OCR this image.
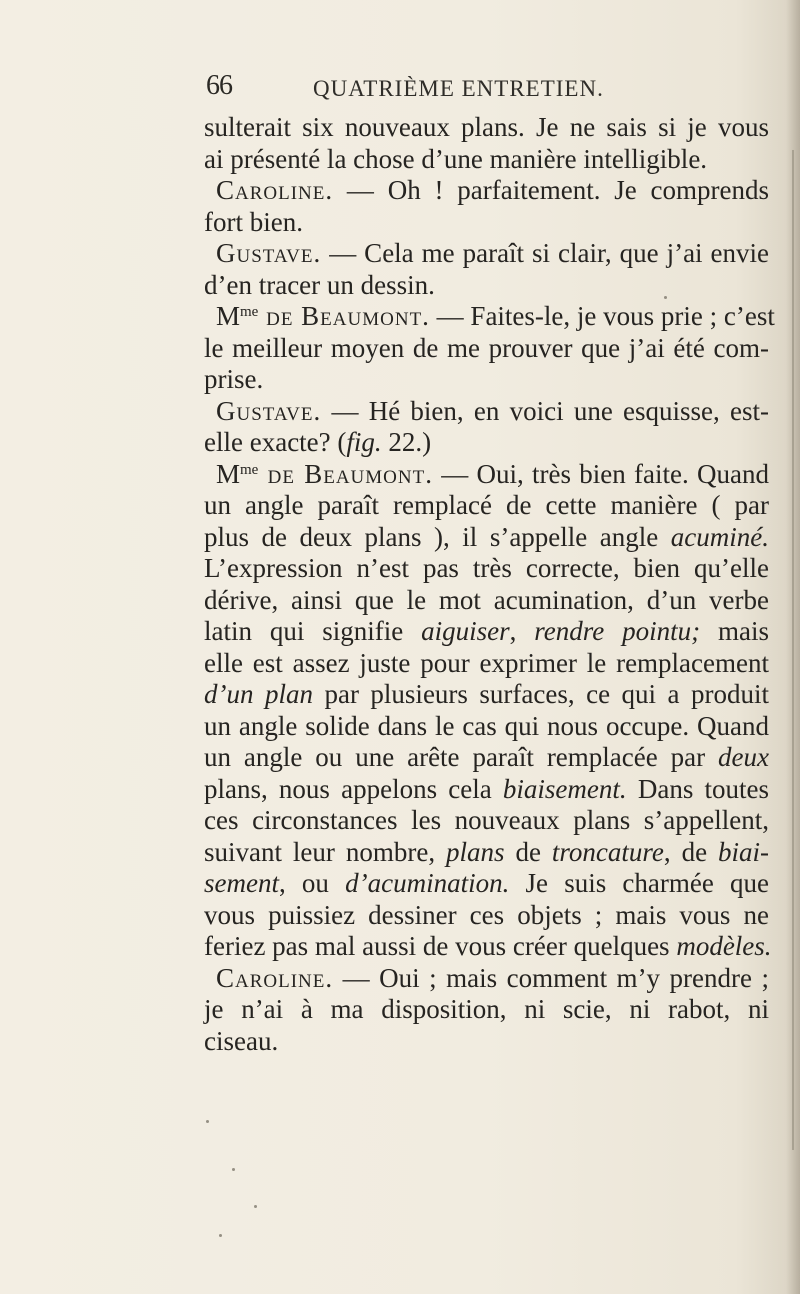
66	QUATRIÈME ENTRETIEN.
sulterait six nouveaux plans. Je ne sais si je vous
ai présenté la chose d’une manière intelligible.
Caroline. — Oh ! parfaitement. Je comprends
fort bien.
Gustave. — Cela me paraît si clair, que j’ai envie
d’en tracer un dessin.
$M^{me}$ de Beaumont. — Faites-le, je vous prie ; c’est
le meilleur moyen de me prouver que j’ai été com-
prise.
Gustave. — Hé bien, en voici une esquisse, est-
elle exacte? (fig. 22.)
$M^{me}$ de Beaumont. — Oui, très bien faite. Quand
un angle paraît remplacé de cette manière ( par
plus de deux plans ), il s’appelle angle acuminé.
L’expression n’est pas très correcte, bien qu’elle
dérive, ainsi que le mot acumination, d’un verbe
latin qui signifie aiguiser, rendre pointu; mais
elle est assez juste pour exprimer le remplacement
d’un plan par plusieurs surfaces, ce qui a produit
un angle solide dans le cas qui nous occupe. Quand
un angle ou une arête paraît remplacée par deux
plans, nous appelons cela biaisement. Dans toutes
ces circonstances les nouveaux plans s’appellent,
suivant leur nombre, plans de troncature, de biai-
sement, ou d’acumination. Je suis charmée que
vous puissiez dessiner ces objets ; mais vous ne
feriez pas mal aussi de vous créer quelques modèles.
Caroline. — Oui ; mais comment m’y prendre ;
je n’ai à ma disposition, ni scie, ni rabot, ni
ciseau.
